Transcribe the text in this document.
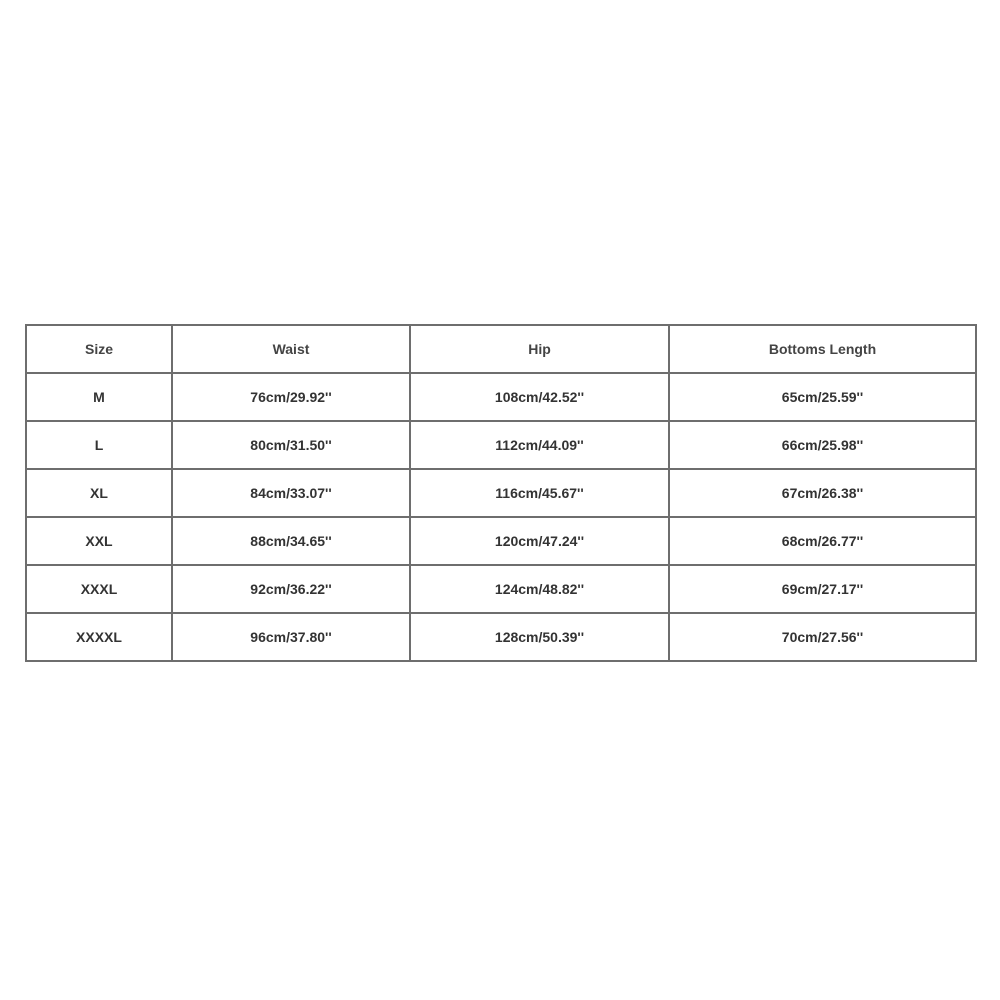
Size	Waist	Hip	Bottoms Length
M	76cm/29.92''	108cm/42.52''	65cm/25.59''
L	80cm/31.50''	112cm/44.09''	66cm/25.98''
XL	84cm/33.07''	116cm/45.67''	67cm/26.38''
XXL	88cm/34.65''	120cm/47.24''	68cm/26.77''
XXXL	92cm/36.22''	124cm/48.82''	69cm/27.17''
XXXXL	96cm/37.80''	128cm/50.39''	70cm/27.56''
